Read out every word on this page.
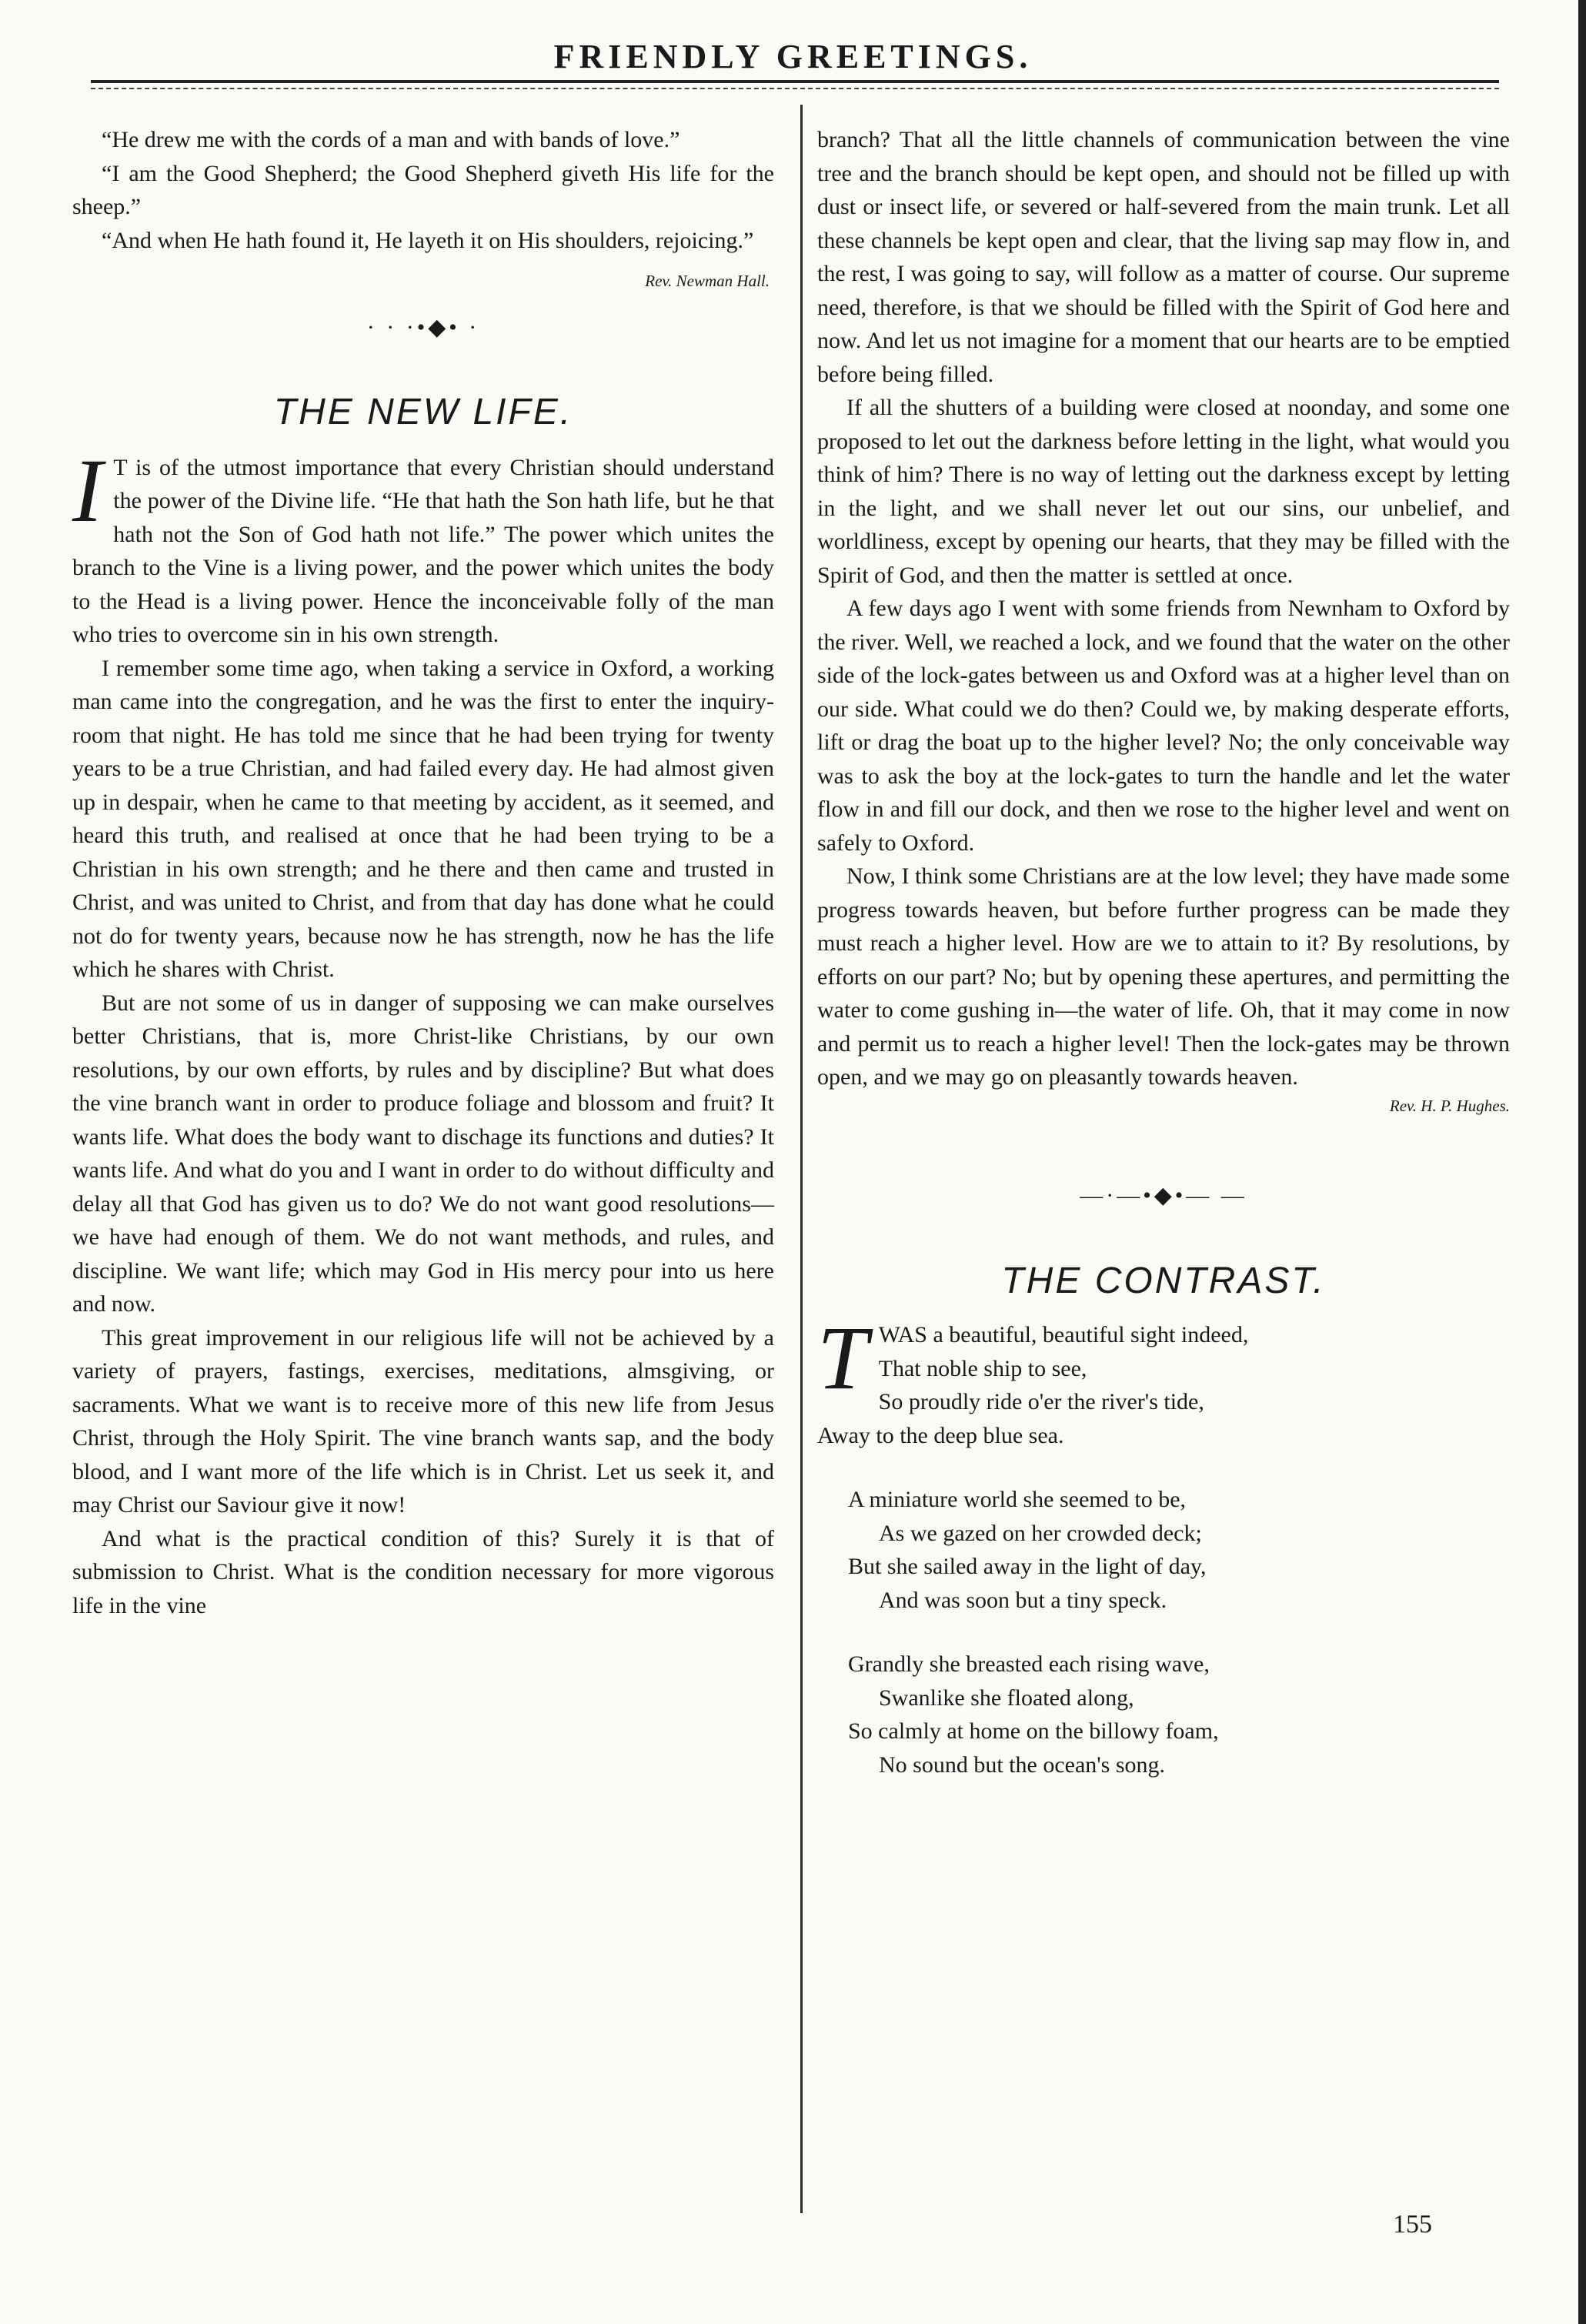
FRIENDLY GREETINGS.

“He drew me with the cords of a man and with bands of love.”

“I am the Good Shepherd; the Good Shepherd giveth His life for the sheep.”

“And when He hath found it, He layeth it on His shoulders, rejoicing.”
Rev. Newman Hall.

· · ·•◆• ·
THE NEW LIFE.

I T is of the utmost importance that every Christian should understand the power of the Divine life. “He that hath the Son hath life, but he that hath not the Son of God hath not life.” The power which unites the branch to the Vine is a living power, and the power which unites the body to the Head is a living power. Hence the inconceivable folly of the man who tries to overcome sin in his own strength.

I remember some time ago, when taking a service in Oxford, a working man came into the congregation, and he was the first to enter the inquiry-room that night. He has told me since that he had been trying for twenty years to be a true Christian, and had failed every day. He had almost given up in despair, when he came to that meeting by accident, as it seemed, and heard this truth, and realised at once that he had been trying to be a Christian in his own strength; and he there and then came and trusted in Christ, and was united to Christ, and from that day has done what he could not do for twenty years, because now he has strength, now he has the life which he shares with Christ.

But are not some of us in danger of supposing we can make ourselves better Christians, that is, more Christ-like Christians, by our own resolutions, by our own efforts, by rules and by discipline? But what does the vine branch want in order to produce foliage and blossom and fruit? It wants life. What does the body want to dischage its functions and duties? It wants life. And what do you and I want in order to do without difficulty and delay all that God has given us to do? We do not want good resolutions—we have had enough of them. We do not want methods, and rules, and discipline. We want life; which may God in His mercy pour into us here and now.

This great improvement in our religious life will not be achieved by a variety of prayers, fastings, exercises, meditations, almsgiving, or sacraments. What we want is to receive more of this new life from Jesus Christ, through the Holy Spirit. The vine branch wants sap, and the body blood, and I want more of the life which is in Christ. Let us seek it, and may Christ our Saviour give it now!

And what is the practical condition of this? Surely it is that of submission to Christ. What is the condition necessary for more vigorous life in the vine

branch? That all the little channels of communication between the vine tree and the branch should be kept open, and should not be filled up with dust or insect life, or severed or half-severed from the main trunk. Let all these channels be kept open and clear, that the living sap may flow in, and the rest, I was going to say, will follow as a matter of course. Our supreme need, therefore, is that we should be filled with the Spirit of God here and now. And let us not imagine for a moment that our hearts are to be emptied before being filled.

If all the shutters of a building were closed at noonday, and some one proposed to let out the darkness before letting in the light, what would you think of him? There is no way of letting out the darkness except by letting in the light, and we shall never let out our sins, our unbelief, and worldliness, except by opening our hearts, that they may be filled with the Spirit of God, and then the matter is settled at once.

A few days ago I went with some friends from Newnham to Oxford by the river. Well, we reached a lock, and we found that the water on the other side of the lock-gates between us and Oxford was at a higher level than on our side. What could we do then? Could we, by making desperate efforts, lift or drag the boat up to the higher level? No; the only conceivable way was to ask the boy at the lock-gates to turn the handle and let the water flow in and fill our dock, and then we rose to the higher level and went on safely to Oxford.

Now, I think some Christians are at the low level; they have made some progress towards heaven, but before further progress can be made they must reach a higher level. How are we to attain to it? By resolutions, by efforts on our part? No; but by opening these apertures, and permitting the water to come gushing in—the water of life. Oh, that it may come in now and permit us to reach a higher level! Then the lock-gates may be thrown open, and we may go on pleasantly towards heaven.

Rev. H. P. Hughes.

—·—•◆•— —
THE CONTRAST.
T WAS a beautiful, beautiful sight indeed,
That noble ship to see,
So proudly ride o'er the river's tide,
Away to the deep blue sea.
A miniature world she seemed to be,
As we gazed on her crowded deck;
But she sailed away in the light of day,
And was soon but a tiny speck.
Grandly she breasted each rising wave,
Swanlike she floated along,
So calmly at home on the billowy foam,
No sound but the ocean's song.
155
